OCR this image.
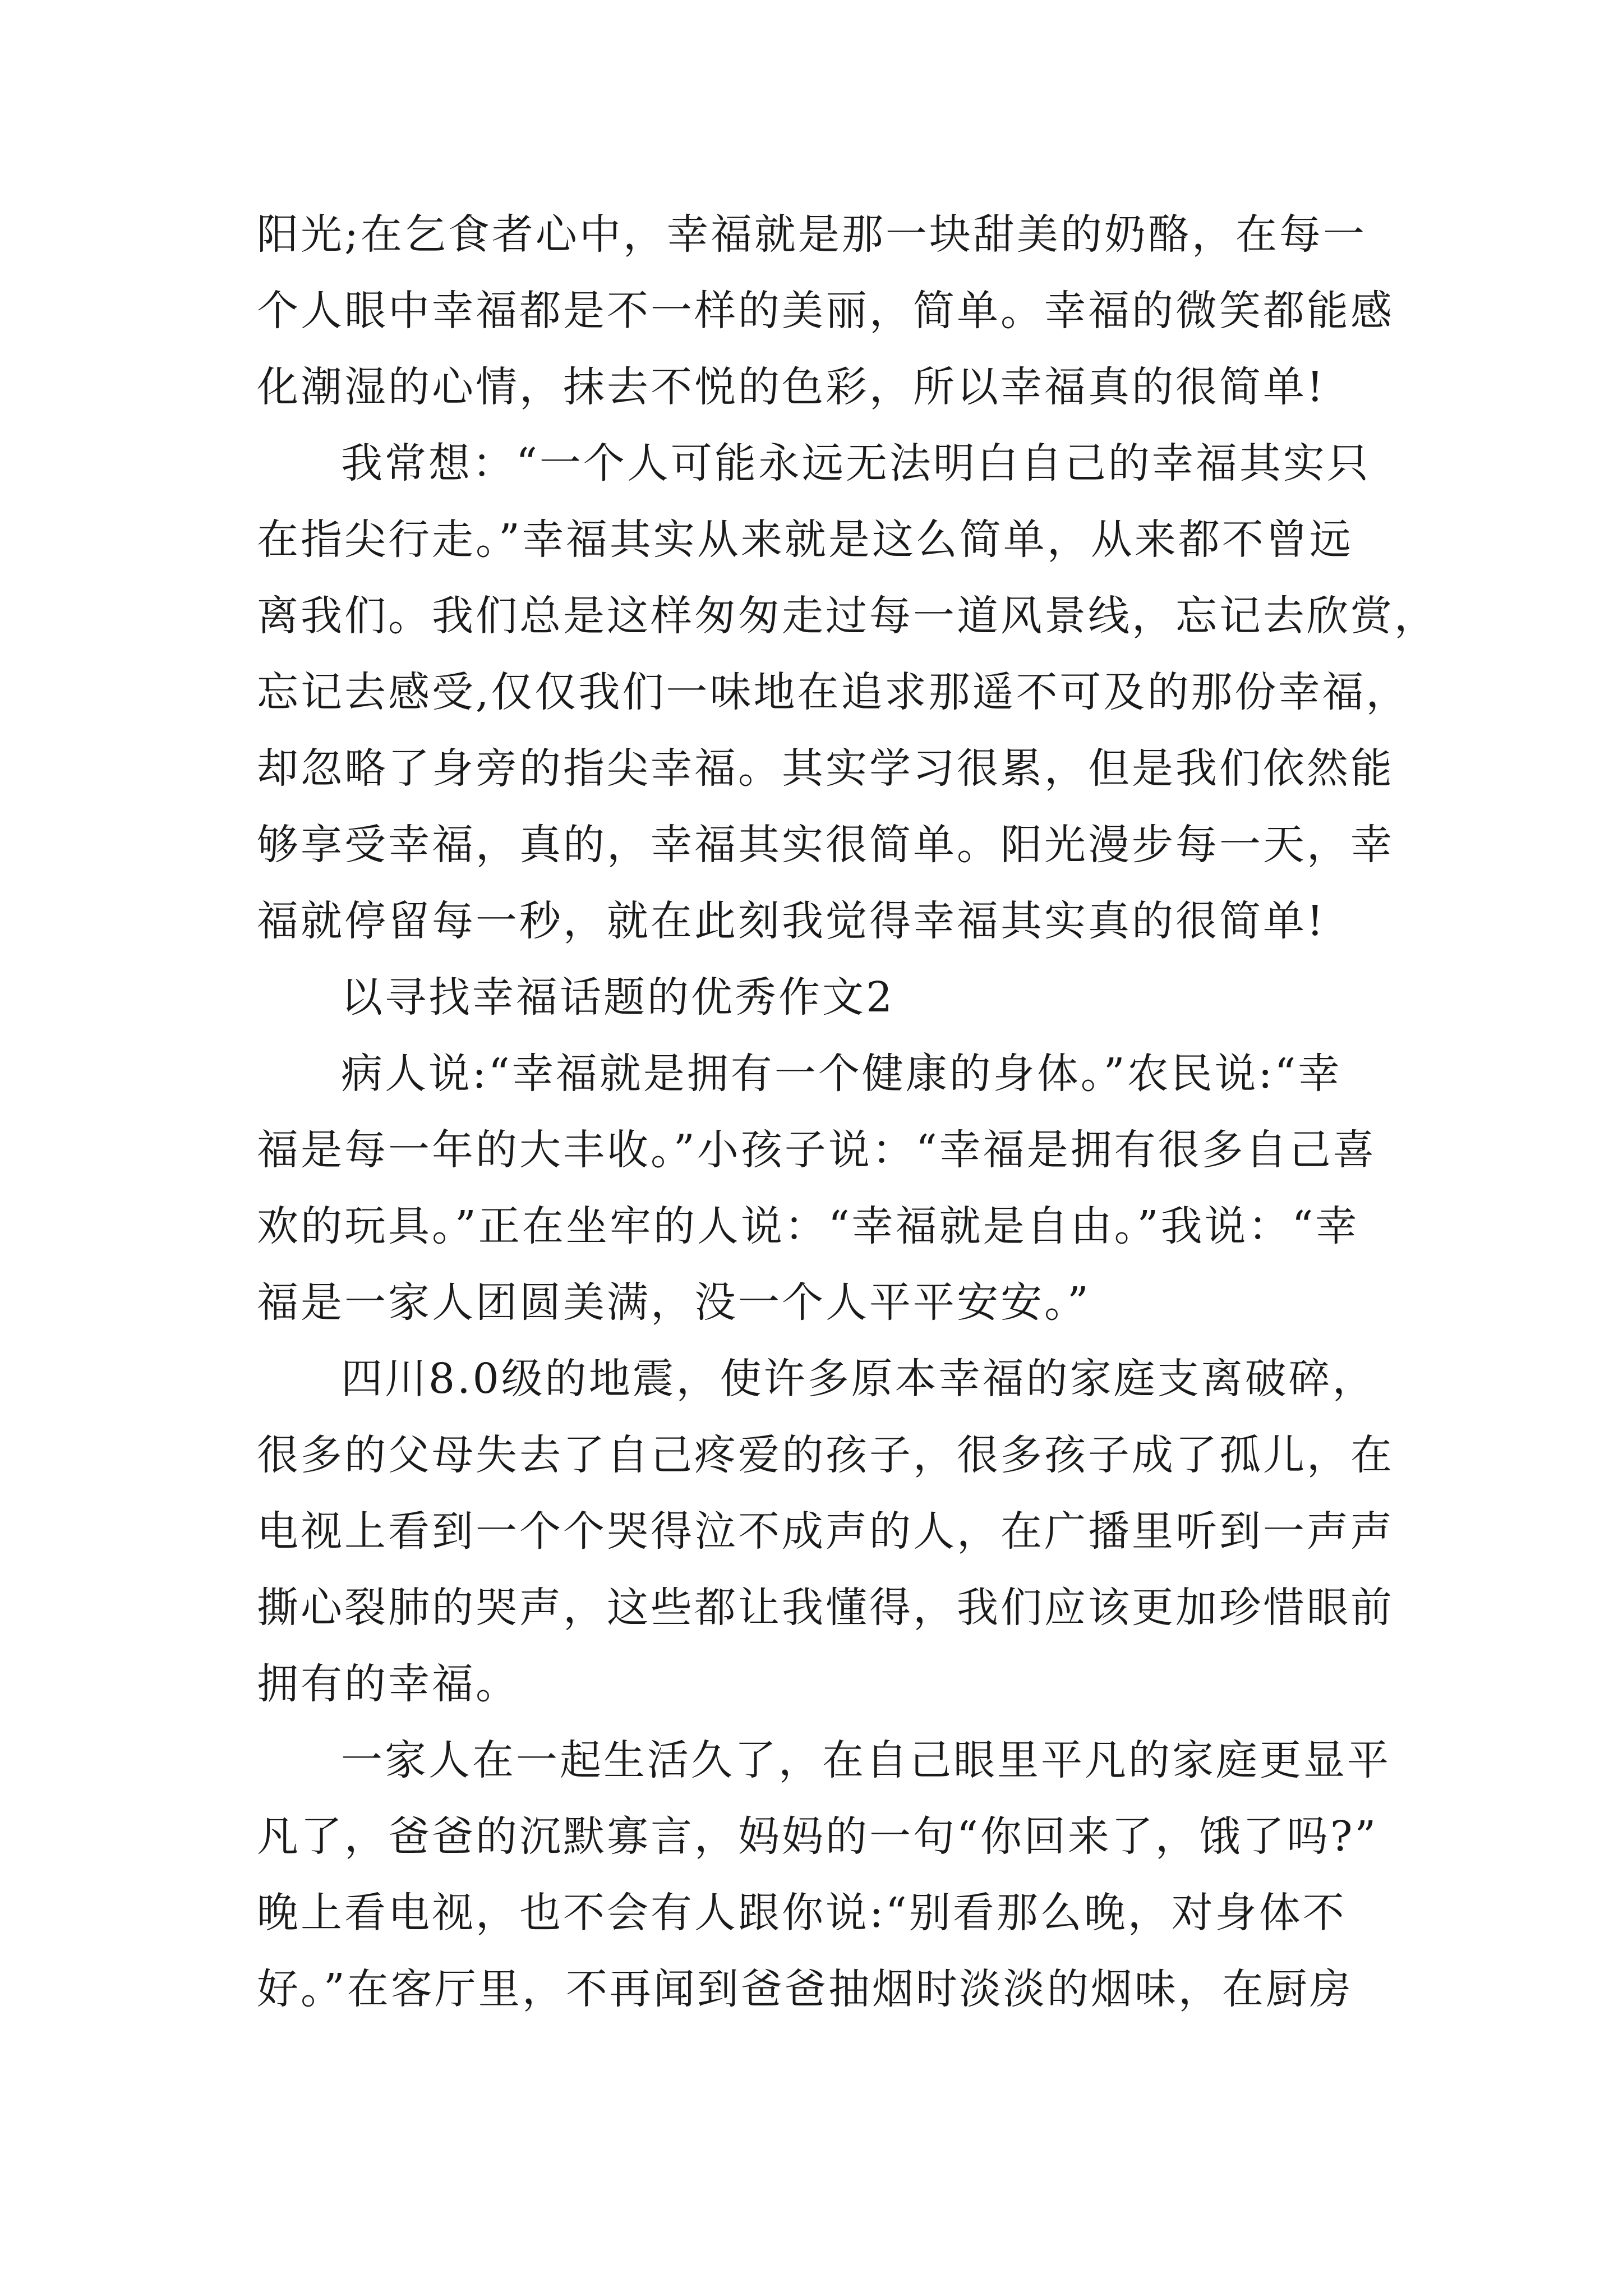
阳光;在乞食者心中，幸福就是那一块甜美的奶酪，在每一
个人眼中幸福都是不一样的美丽，简单。幸福的微笑都能感
化潮湿的心情，抹去不悦的色彩，所以幸福真的很简单!
我常想：“一个人可能永远无法明白自己的幸福其实只
在指尖行走。”幸福其实从来就是这么简单，从来都不曾远
离我们。我们总是这样匆匆走过每一道风景线，忘记去欣赏，
忘记去感受,仅仅我们一味地在追求那遥不可及的那份幸福，
却忽略了身旁的指尖幸福。其实学习很累，但是我们依然能
够享受幸福，真的，幸福其实很简单。阳光漫步每一天，幸
福就停留每一秒，就在此刻我觉得幸福其实真的很简单!
以寻找幸福话题的优秀作文2
病人说:“幸福就是拥有一个健康的身体。”农民说:“幸
福是每一年的大丰收。”小孩子说：“幸福是拥有很多自己喜
欢的玩具。”正在坐牢的人说：“幸福就是自由。”我说：“幸
福是一家人团圆美满，没一个人平平安安。”
四川8.0级的地震，使许多原本幸福的家庭支离破碎，
很多的父母失去了自己疼爱的孩子，很多孩子成了孤儿，在
电视上看到一个个哭得泣不成声的人，在广播里听到一声声
撕心裂肺的哭声，这些都让我懂得，我们应该更加珍惜眼前
拥有的幸福。
一家人在一起生活久了，在自己眼里平凡的家庭更显平
凡了，爸爸的沉默寡言，妈妈的一句“你回来了，饿了吗?”
晚上看电视，也不会有人跟你说:“别看那么晚，对身体不
好。”在客厅里，不再闻到爸爸抽烟时淡淡的烟味，在厨房
